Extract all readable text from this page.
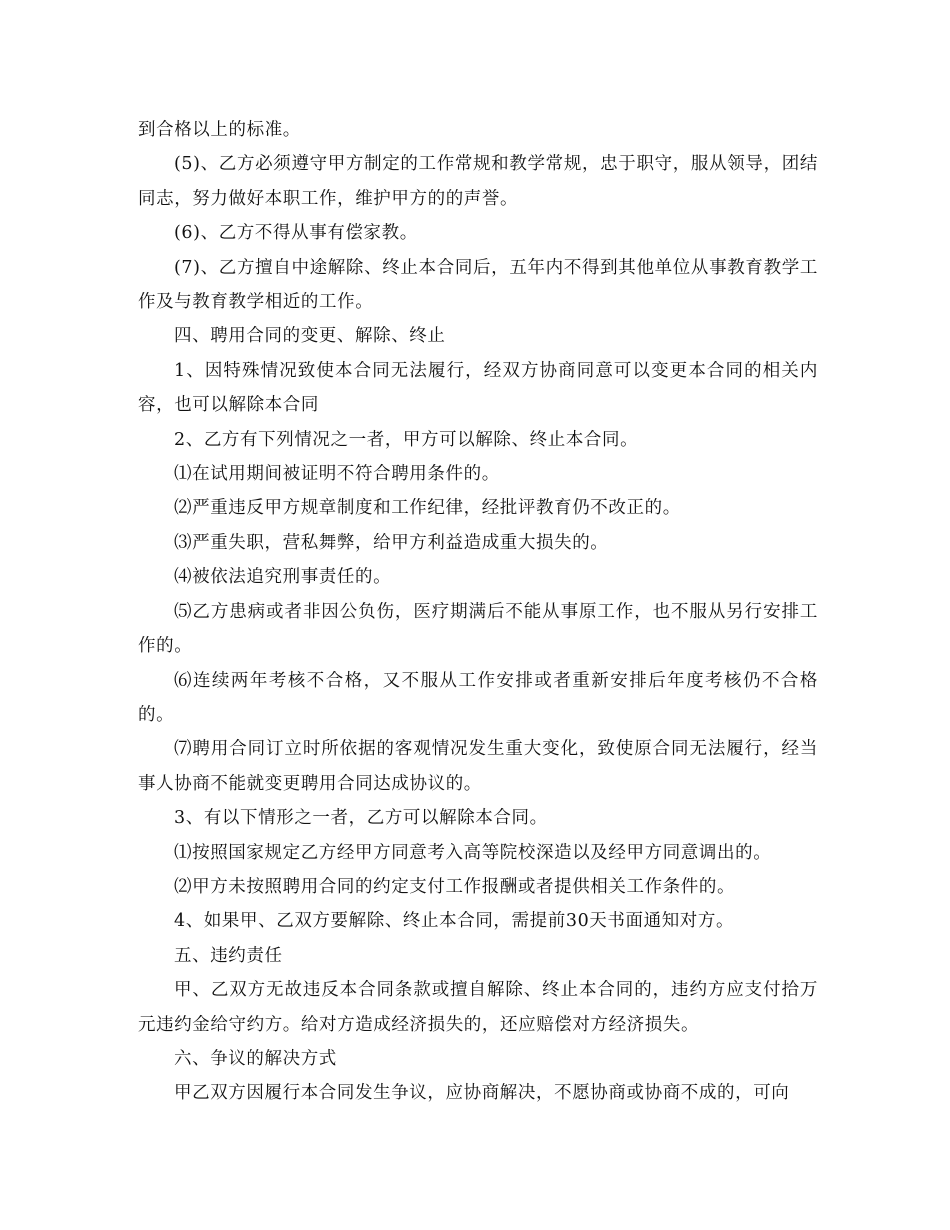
到合格以上的标准。

(5)、乙方必须遵守甲方制定的工作常规和教学常规，忠于职守，服从领导，团结同志，努力做好本职工作，维护甲方的的声誉。

(6)、乙方不得从事有偿家教。

(7)、乙方擅自中途解除、终止本合同后，五年内不得到其他单位从事教育教学工作及与教育教学相近的工作。

四、聘用合同的变更、解除、终止

1、因特殊情况致使本合同无法履行，经双方协商同意可以变更本合同的相关内容，也可以解除本合同

2、乙方有下列情况之一者，甲方可以解除、终止本合同。

⑴在试用期间被证明不符合聘用条件的。

⑵严重违反甲方规章制度和工作纪律，经批评教育仍不改正的。

⑶严重失职，营私舞弊，给甲方利益造成重大损失的。

⑷被依法追究刑事责任的。

⑸乙方患病或者非因公负伤，医疗期满后不能从事原工作，也不服从另行安排工作的。

⑹连续两年考核不合格，又不服从工作安排或者重新安排后年度考核仍不合格的。

⑺聘用合同订立时所依据的客观情况发生重大变化，致使原合同无法履行，经当事人协商不能就变更聘用合同达成协议的。

3、有以下情形之一者，乙方可以解除本合同。

⑴按照国家规定乙方经甲方同意考入高等院校深造以及经甲方同意调出的。

⑵甲方未按照聘用合同的约定支付工作报酬或者提供相关工作条件的。

4、如果甲、乙双方要解除、终止本合同，需提前30天书面通知对方。

五、违约责任

甲、乙双方无故违反本合同条款或擅自解除、终止本合同的，违约方应支付拾万元违约金给守约方。给对方造成经济损失的，还应赔偿对方经济损失。

六、争议的解决方式

甲乙双方因履行本合同发生争议，应协商解决，不愿协商或协商不成的，可向
